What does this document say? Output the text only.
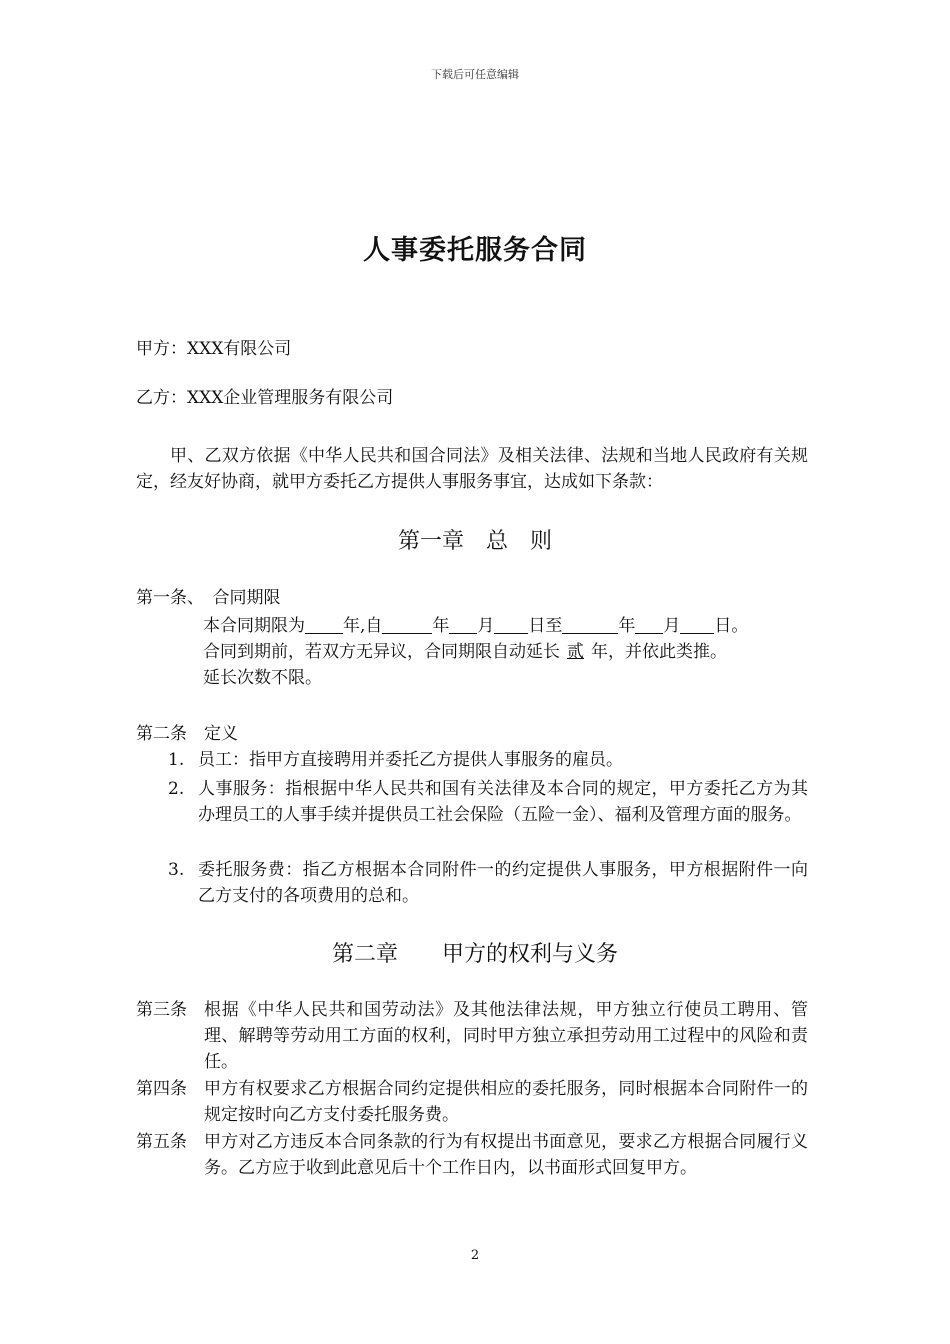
下载后可任意编辑
人事委托服务合同
甲方：XXX有限公司
乙方：XXX企业管理服务有限公司
甲、乙双方依据《中华人民共和国合同法》及相关法律、法规和当地人民政府有关规定，经友好协商，就甲方委托乙方提供人事服务事宜，达成如下条款：
第一章　总　则
第一条、　合同期限
本合同期限为 年,自	年 月 日至	年 月 日。
合同到期前，若双方无异议，合同期限自动延长 贰 年，并依此类推。
延长次数不限。
第二条　定义
1. 员工：指甲方直接聘用并委托乙方提供人事服务的雇员。
2. 人事服务：指根据中华人民共和国有关法律及本合同的规定，甲方委托乙方为其办理员工的人事手续并提供员工社会保险（五险一金）、福利及管理方面的服务。
3. 委托服务费：指乙方根据本合同附件一的约定提供人事服务，甲方根据附件一向乙方支付的各项费用的总和。
第二章　　甲方的权利与义务
第三条 根据《中华人民共和国劳动法》及其他法律法规，甲方独立行使员工聘用、管理、解聘等劳动用工方面的权利，同时甲方独立承担劳动用工过程中的风险和责任。
第四条 甲方有权要求乙方根据合同约定提供相应的委托服务，同时根据本合同附件一的规定按时向乙方支付委托服务费。
第五条 甲方对乙方违反本合同条款的行为有权提出书面意见，要求乙方根据合同履行义务。乙方应于收到此意见后十个工作日内，以书面形式回复甲方。
2
